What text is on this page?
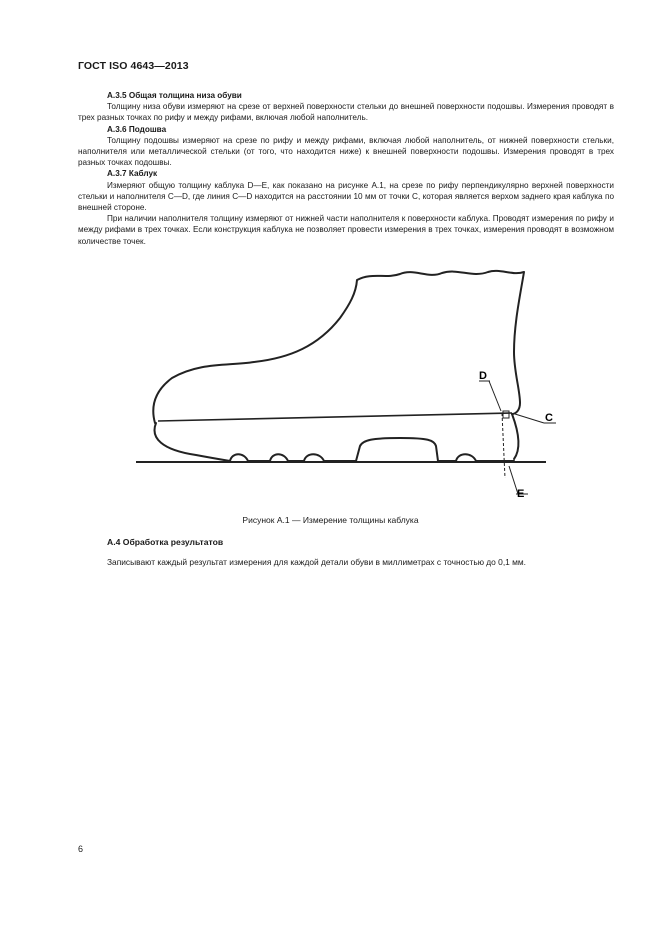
ГОСТ ISO 4643—2013
А.3.5 Общая толщина низа обуви

Толщину низа обуви измеряют на срезе от верхней поверхности стельки до внешней поверхности подошвы. Измерения проводят в трех разных точках по рифу и между рифами, включая любой наполнитель.

А.3.6 Подошва

Толщину подошвы измеряют на срезе по рифу и между рифами, включая любой наполнитель, от нижней поверхности стельки, наполнителя или металлической стельки (от того, что находится ниже) к внешней поверхности подошвы. Измерения проводят в трех разных точках подошвы.

А.3.7 Каблук

Измеряют общую толщину каблука D—E, как показано на рисунке А.1, на срезе по рифу перпендикулярно верхней поверхности стельки и наполнителя C—D, где линия C—D находится на расстоянии 10 мм от точки C, которая является верхом заднего края каблука по внешней стороне.

При наличии наполнителя толщину измеряют от нижней части наполнителя к поверхности каблука. Проводят измерения по рифу и между рифами в трех точках. Если конструкция каблука не позволяет провести измерения в трех точках, измерения проводят в возможном количестве точек.

D
C
E
Рисунок А.1 — Измерение толщины каблука
А.4 Обработка результатов
Записывают каждый результат измерения для каждой детали обуви в миллиметрах с точностью до 0,1 мм.
6
